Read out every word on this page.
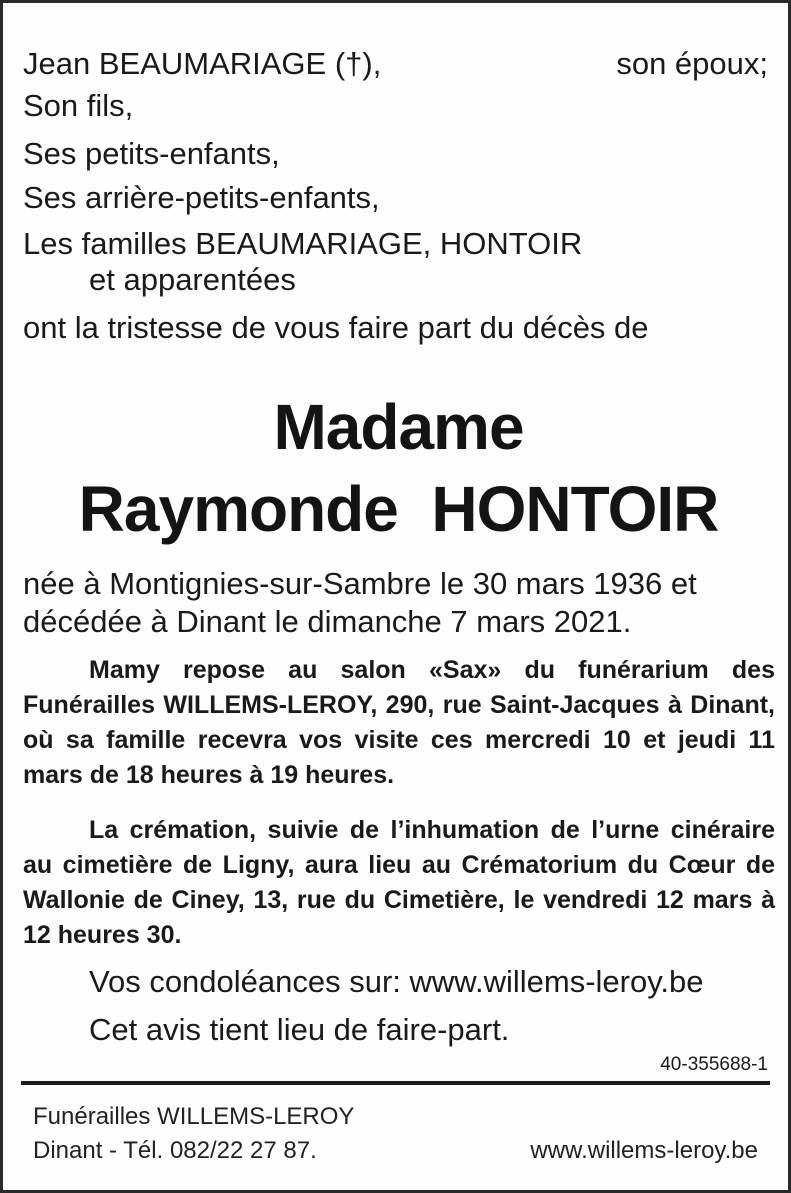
Jean BEAUMARIAGE (†),	son époux;
Son fils,
Ses petits-enfants,
Ses arrière-petits-enfants,
Les familles BEAUMARIAGE, HONTOIR
et apparentées
ont la tristesse de vous faire part du décès de
Madame
Raymonde  HONTOIR
née à Montignies-sur-Sambre le 30 mars 1936 et
décédée à Dinant le dimanche 7 mars 2021.
Mamy repose au salon «Sax» du funérarium des Funérailles WILLEMS-LEROY, 290, rue Saint-Jacques à Dinant, où sa famille recevra vos visite ces mercredi 10 et jeudi 11 mars de 18 heures à 19 heures.
La crémation, suivie de l’inhumation de l’urne cinéraire au cimetière de Ligny, aura lieu au Crématorium du Cœur de Wallonie de Ciney, 13, rue du Cimetière, le vendredi 12 mars à 12 heures 30.
Vos condoléances sur: www.willems-leroy.be
Cet avis tient lieu de faire-part.
40-355688-1
Funérailles WILLEMS-LEROY
Dinant - Tél. 082/22 27 87.	www.willems-leroy.be
